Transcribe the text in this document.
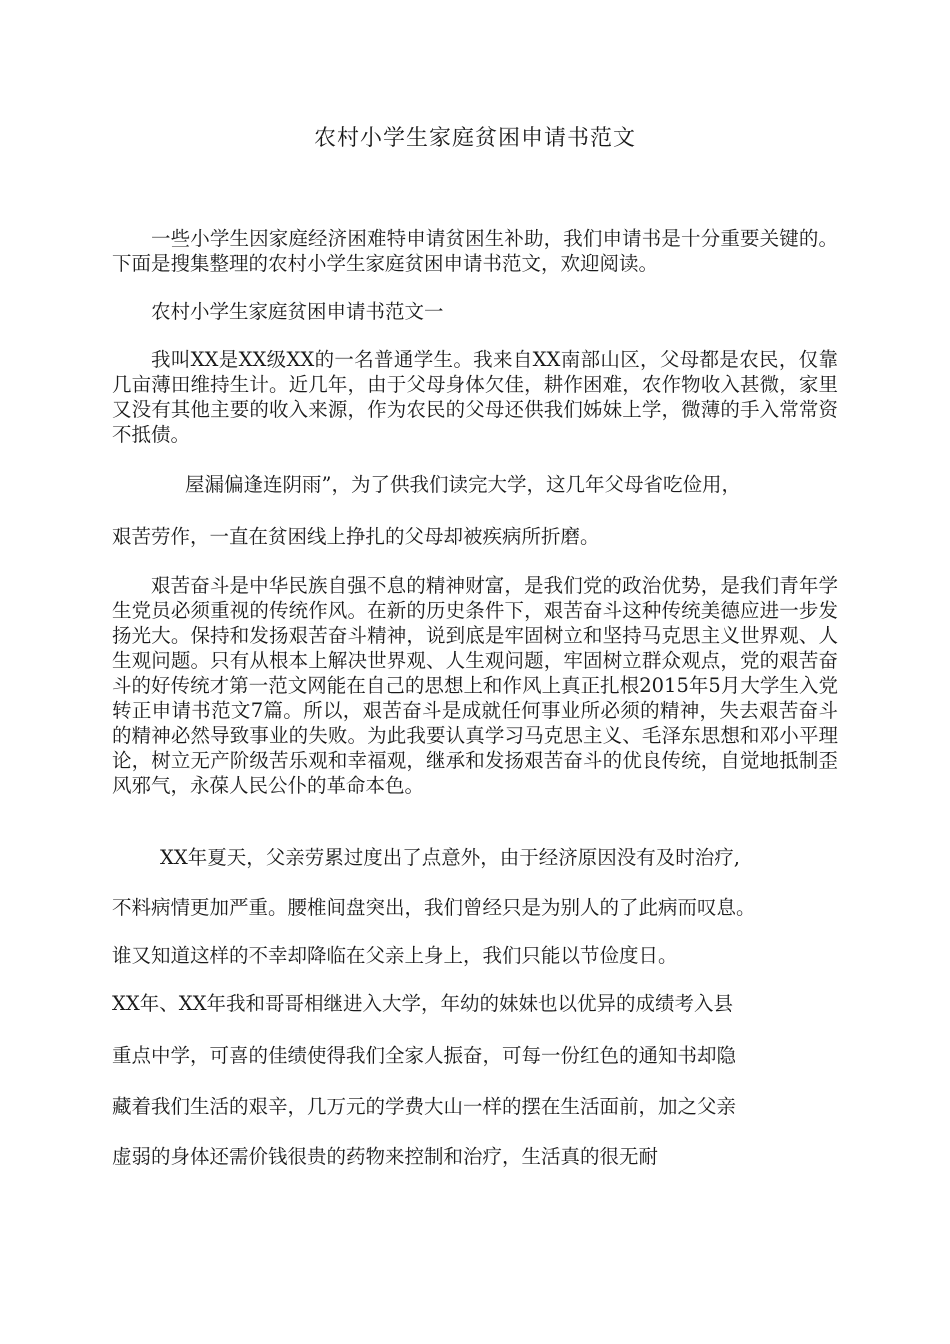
农村小学生家庭贫困申请书范文

一些小学生因家庭经济困难特申请贫困生补助，我们申请书是十分重要关键的。下面是搜集整理的农村小学生家庭贫困申请书范文，欢迎阅读。

农村小学生家庭贫困申请书范文一

我叫XX是XX级XX的一名普通学生。我来自XX南部山区，父母都是农民，仅靠几亩薄田维持生计。近几年，由于父母身体欠佳，耕作困难，农作物收入甚微，家里又没有其他主要的收入来源，作为农民的父母还供我们姊妹上学，微薄的手入常常资不抵债。

屋漏偏逢连阴雨”，为了供我们读完大学，这几年父母省吃俭用，

艰苦劳作，一直在贫困线上挣扎的父母却被疾病所折磨。

艰苦奋斗是中华民族自强不息的精神财富，是我们党的政治优势，是我们青年学生党员必须重视的传统作风。在新的历史条件下，艰苦奋斗这种传统美德应进一步发扬光大。保持和发扬艰苦奋斗精神，说到底是牢固树立和坚持马克思主义世界观、人生观问题。只有从根本上解决世界观、人生观问题，牢固树立群众观点，党的艰苦奋斗的好传统才第一范文网能在自己的思想上和作风上真正扎根2015年5月大学生入党转正申请书范文7篇。所以，艰苦奋斗是成就任何事业所必须的精神，失去艰苦奋斗的精神必然导致事业的失败。为此我要认真学习马克思主义、毛泽东思想和邓小平理论，树立无产阶级苦乐观和幸福观，继承和发扬艰苦奋斗的优良传统，自觉地抵制歪风邪气，永葆人民公仆的革命本色。

XX年夏天，父亲劳累过度出了点意外，由于经济原因没有及时治疗,

不料病情更加严重。腰椎间盘突出，我们曾经只是为别人的了此病而叹息。

谁又知道这样的不幸却降临在父亲上身上，我们只能以节俭度日。

XX年、XX年我和哥哥相继进入大学，年幼的妹妹也以优异的成绩考入县

重点中学，可喜的佳绩使得我们全家人振奋，可每一份红色的通知书却隐

藏着我们生活的艰辛，几万元的学费大山一样的摆在生活面前，加之父亲

虚弱的身体还需价钱很贵的药物来控制和治疗，生活真的很无耐
